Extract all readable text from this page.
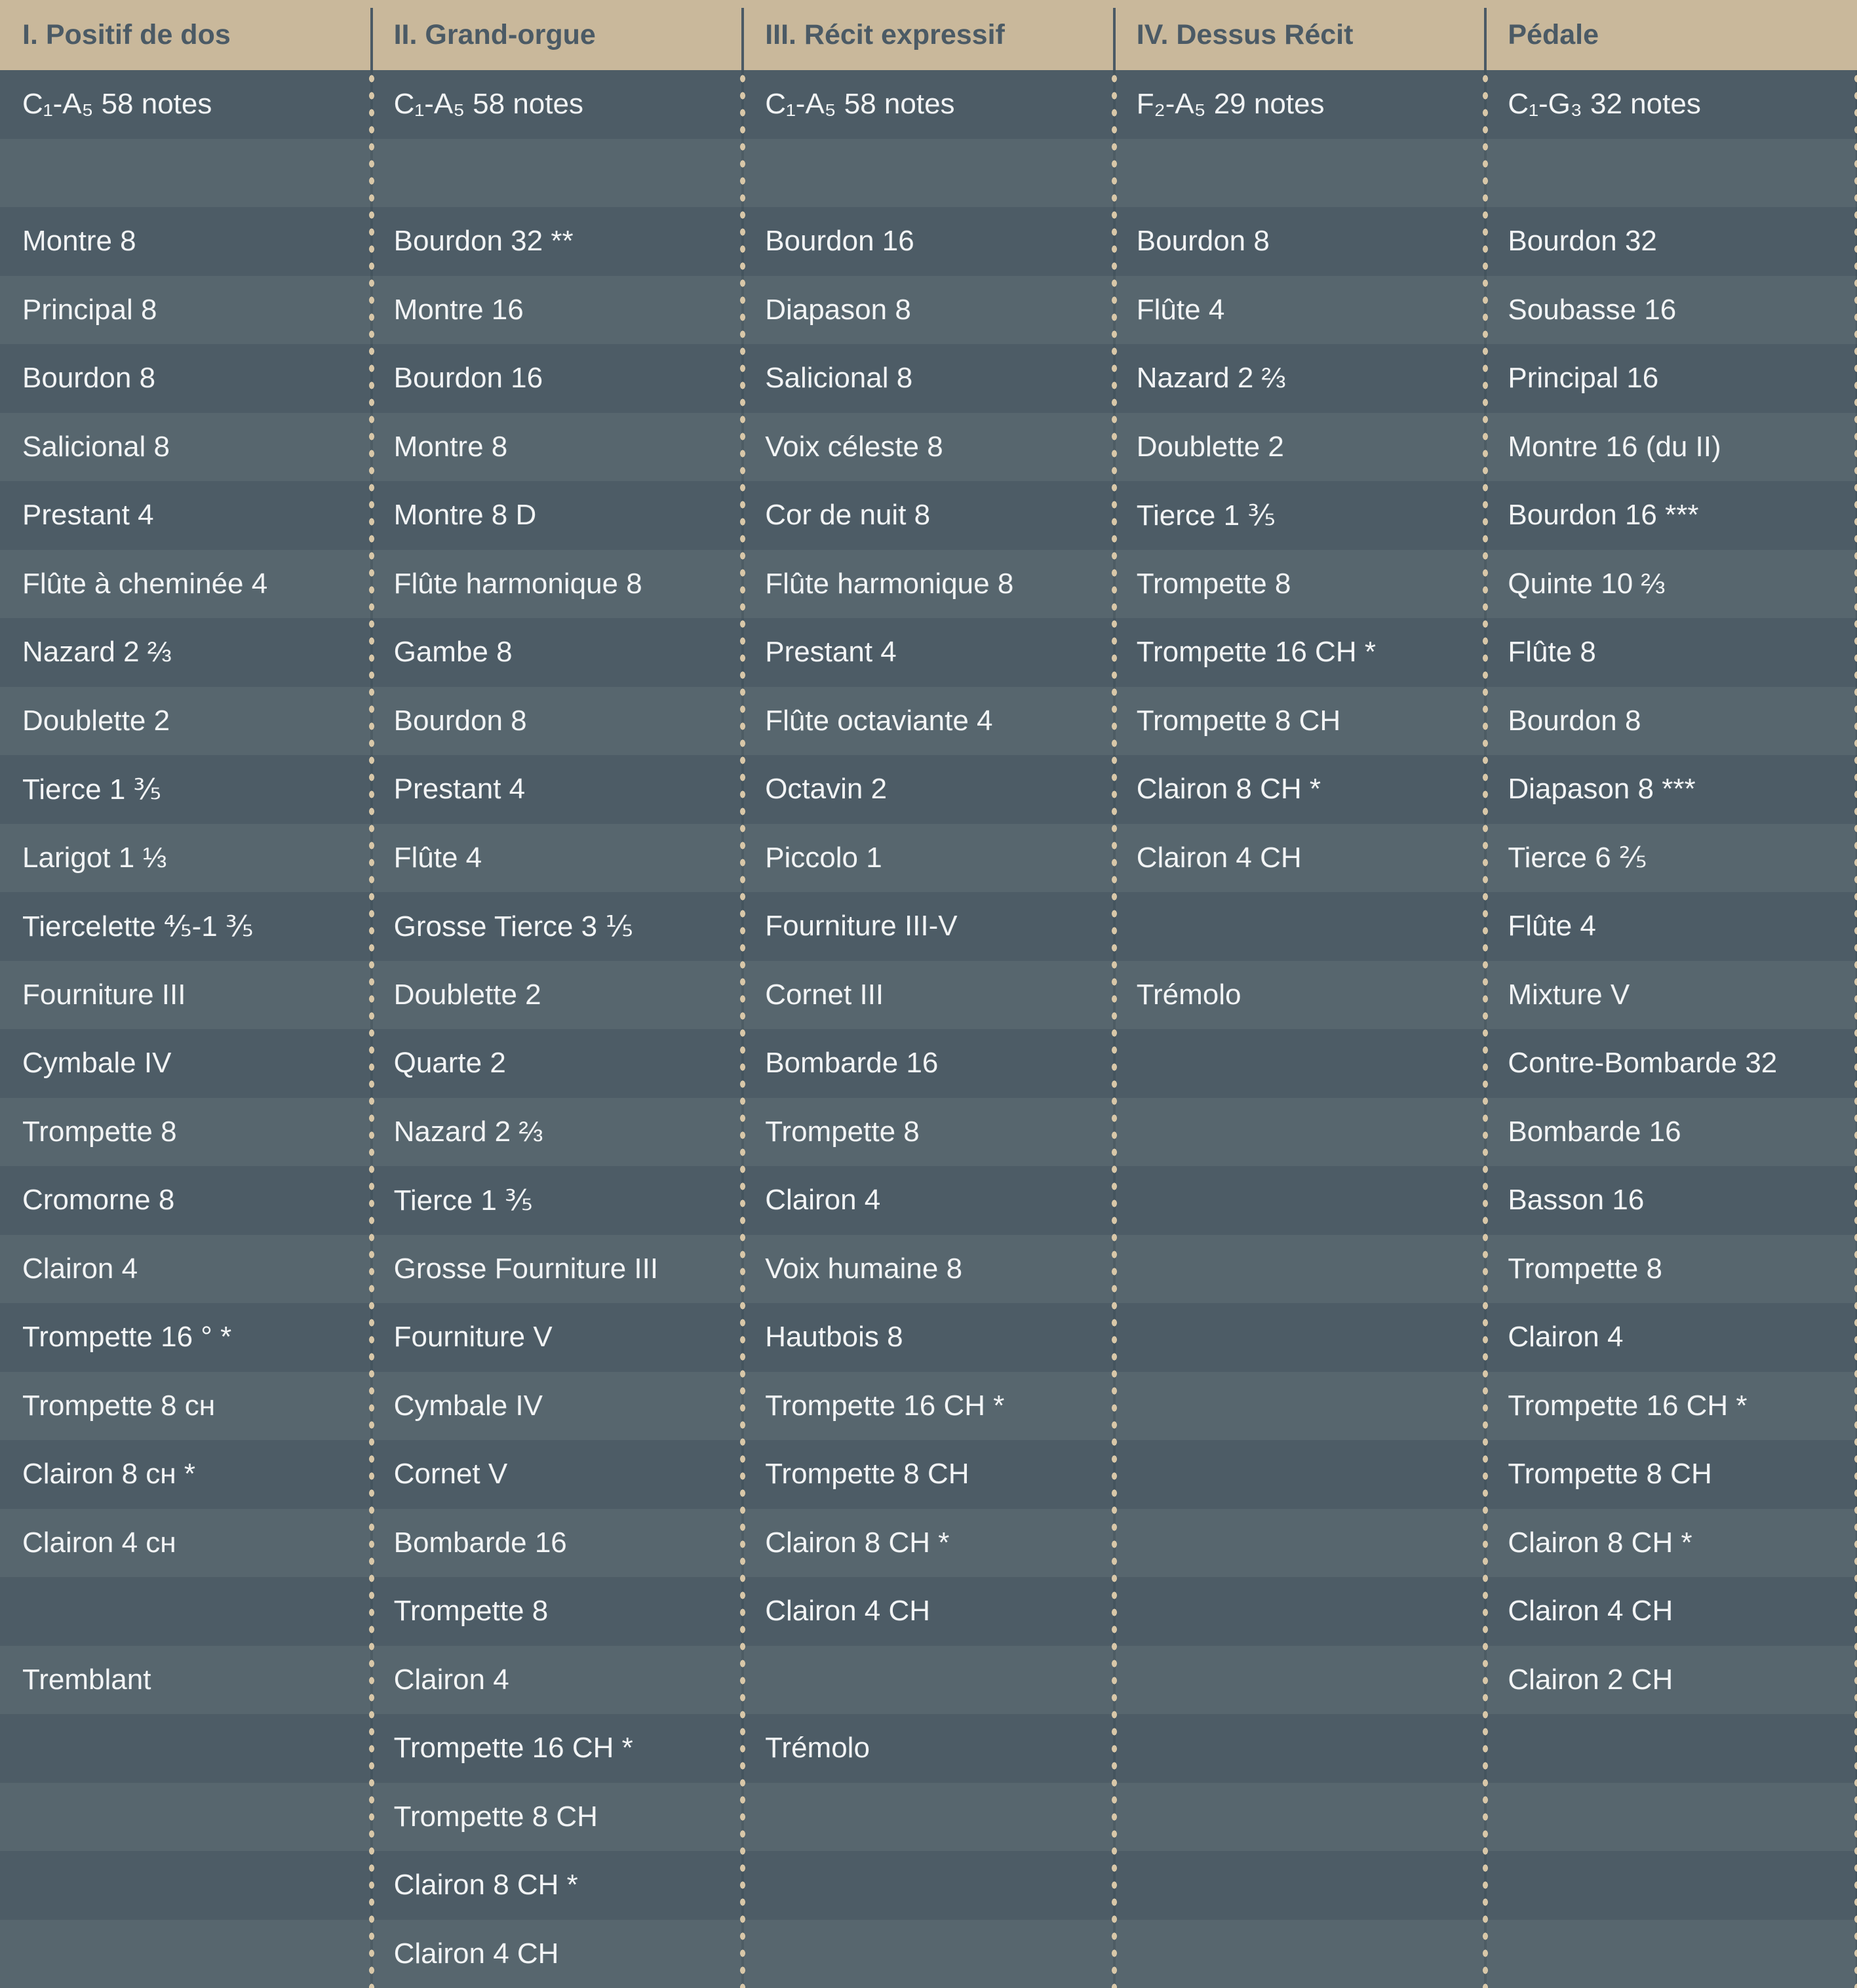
I. Positif de dos
C₁-A₅ 58 notes
Montre 8
Principal 8
Bourdon 8
Salicional 8
Prestant 4
Flûte à cheminée 4
Nazard 2 ⅔
Doublette 2
Tierce 1 ⅗
Larigot 1 ⅓
Tiercelette ⅘-1 ⅗
Fourniture III
Cymbale IV
Trompette 8
Cromorne 8
Clairon 4
Trompette 16 ° *
Trompette 8 ᴄʜ
Clairon 8 ᴄʜ *
Clairon 4 ᴄʜ
Tremblant
II. Grand-orgue
C₁-A₅ 58 notes
Bourdon 32 **
Montre 16
Bourdon 16
Montre 8
Montre 8 D
Flûte harmonique 8
Gambe 8
Bourdon 8
Prestant 4
Flûte 4
Grosse Tierce 3 ⅕
Doublette 2
Quarte 2
Nazard 2 ⅔
Tierce 1 ⅗
Grosse Fourniture III
Fourniture V
Cymbale IV
Cornet V
Bombarde 16
Trompette 8
Clairon 4
Trompette 16 CH *
Trompette 8 CH
Clairon 8 CH *
Clairon 4 CH
III. Récit expressif
C₁-A₅ 58 notes
Bourdon 16
Diapason 8
Salicional 8
Voix céleste 8
Cor de nuit 8
Flûte harmonique 8
Prestant 4
Flûte octaviante 4
Octavin 2
Piccolo 1
Fourniture III-V
Cornet III
Bombarde 16
Trompette 8
Clairon 4
Voix humaine 8
Hautbois 8
Trompette 16 CH *
Trompette 8 CH
Clairon 8 CH *
Clairon 4 CH
Trémolo
IV. Dessus Récit
F₂-A₅ 29 notes
Bourdon 8
Flûte 4
Nazard 2 ⅔
Doublette 2
Tierce 1 ⅗
Trompette 8
Trompette 16 CH *
Trompette 8 CH
Clairon 8 CH *
Clairon 4 CH
Trémolo
Pédale
C₁-G₃ 32 notes
Bourdon 32
Soubasse 16
Principal 16
Montre 16 (du II)
Bourdon 16 ***
Quinte 10 ⅔
Flûte 8
Bourdon 8
Diapason 8 ***
Tierce 6 ⅖
Flûte 4
Mixture V
Contre-Bombarde 32
Bombarde 16
Basson 16
Trompette 8
Clairon 4
Trompette 16 CH *
Trompette 8 CH
Clairon 8 CH *
Clairon 4 CH
Clairon 2 CH
